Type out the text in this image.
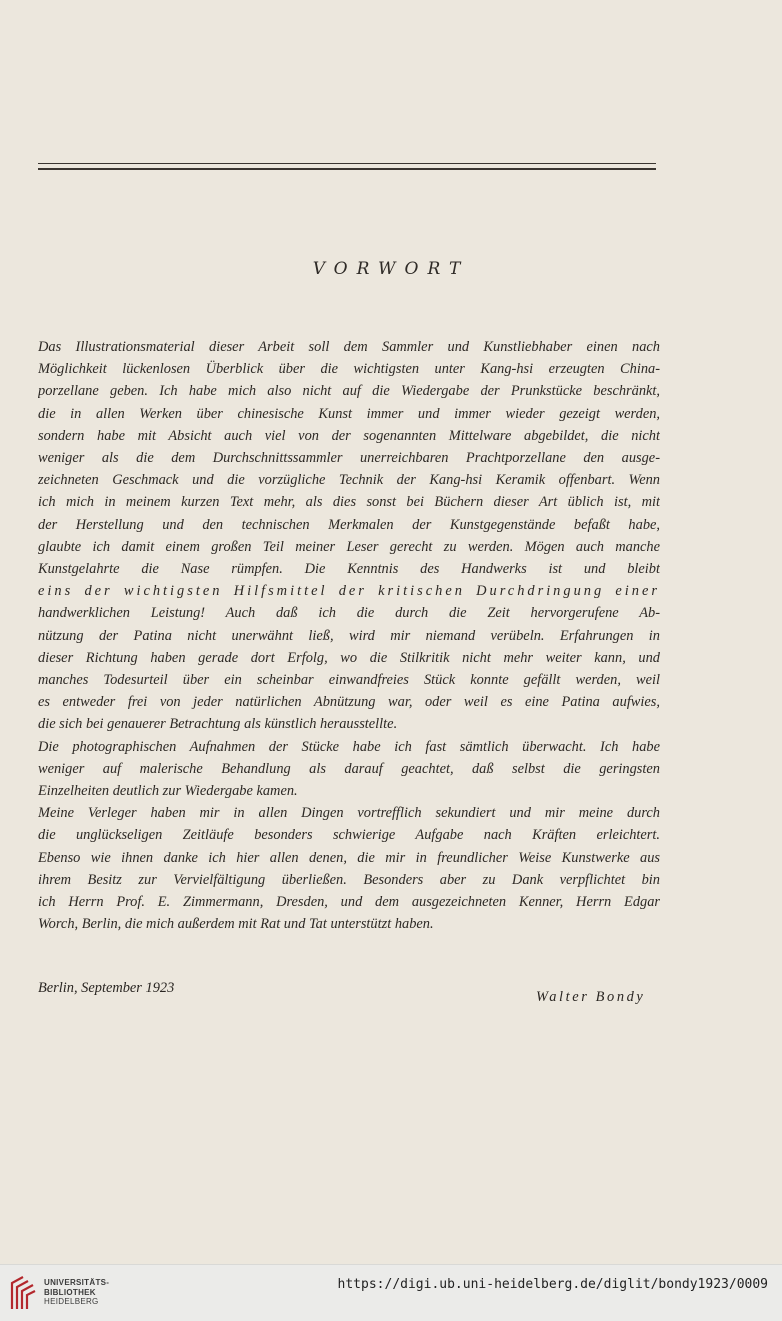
VORWORT
Das Illustrationsmaterial dieser Arbeit soll dem Sammler und Kunstliebhaber einen nach
Möglichkeit lückenlosen Überblick über die wichtigsten unter Kang-hsi erzeugten China-
porzellane geben. Ich habe mich also nicht auf die Wiedergabe der Prunkstücke beschränkt,
die in allen Werken über chinesische Kunst immer und immer wieder gezeigt werden,
sondern habe mit Absicht auch viel von der sogenannten Mittelware abgebildet, die nicht
weniger als die dem Durchschnittssammler unerreichbaren Prachtporzellane den ausge-
zeichneten Geschmack und die vorzügliche Technik der Kang-hsi Keramik offenbart. Wenn
ich mich in meinem kurzen Text mehr, als dies sonst bei Büchern dieser Art üblich ist, mit
der Herstellung und den technischen Merkmalen der Kunstgegenstände befaßt habe,
glaubte ich damit einem großen Teil meiner Leser gerecht zu werden. Mögen auch manche
Kunstgelahrte die Nase rümpfen. Die Kenntnis des Handwerks ist und bleibt
eins der wichtigsten Hilfsmittel der kritischen Durchdringung einer
handwerklichen Leistung! Auch daß ich die durch die Zeit hervorgerufene Ab-
nützung der Patina nicht unerwähnt ließ, wird mir niemand verübeln. Erfahrungen in
dieser Richtung haben gerade dort Erfolg, wo die Stilkritik nicht mehr weiter kann, und
manches Todesurteil über ein scheinbar einwandfreies Stück konnte gefällt werden, weil
es entweder frei von jeder natürlichen Abnützung war, oder weil es eine Patina aufwies,
die sich bei genauerer Betrachtung als künstlich herausstellte.
Die photographischen Aufnahmen der Stücke habe ich fast sämtlich überwacht. Ich habe
weniger auf malerische Behandlung als darauf geachtet, daß selbst die geringsten
Einzelheiten deutlich zur Wiedergabe kamen.
Meine Verleger haben mir in allen Dingen vortrefflich sekundiert und mir meine durch
die unglückseligen Zeitläufe besonders schwierige Aufgabe nach Kräften erleichtert.
Ebenso wie ihnen danke ich hier allen denen, die mir in freundlicher Weise Kunstwerke aus
ihrem Besitz zur Vervielfältigung überließen. Besonders aber zu Dank verpflichtet bin
ich Herrn Prof. E. Zimmermann, Dresden, und dem ausgezeichneten Kenner, Herrn Edgar
Worch, Berlin, die mich außerdem mit Rat und Tat unterstützt haben.
Berlin, September 1923
Walter Bondy
UNIVERSITÄTS-
BIBLIOTHEK
HEIDELBERG
https://digi.ub.uni-heidelberg.de/diglit/bondy1923/0009
